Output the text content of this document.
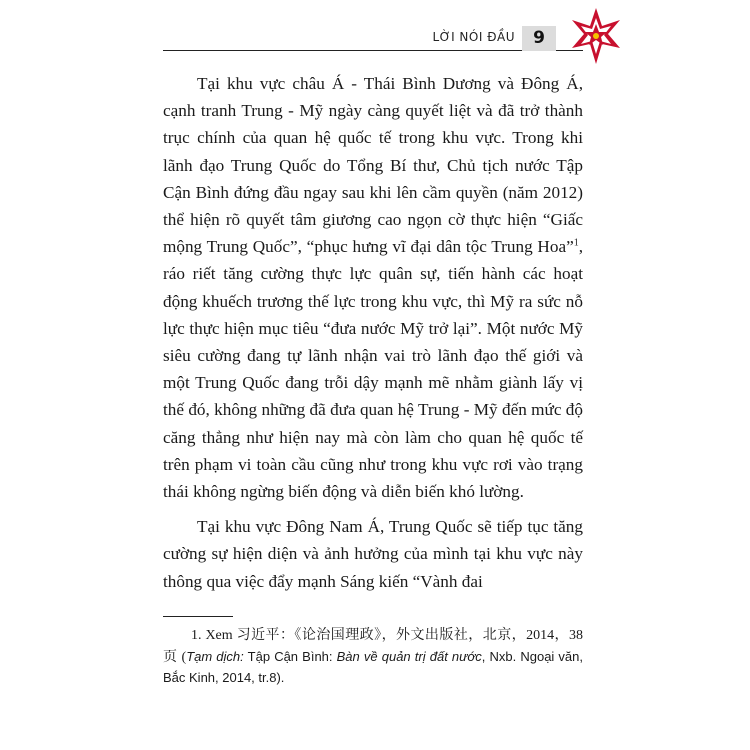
LỜI NÓI ĐẦU	9

Tại khu vực châu Á - Thái Bình Dương và Đông Á, cạnh tranh Trung - Mỹ ngày càng quyết liệt và đã trở thành trục chính của quan hệ quốc tế trong khu vực. Trong khi lãnh đạo Trung Quốc do Tổng Bí thư, Chủ tịch nước Tập Cận Bình đứng đầu ngay sau khi lên cầm quyền (năm 2012) thể hiện rõ quyết tâm giương cao ngọn cờ thực hiện “Giấc mộng Trung Quốc”, “phục hưng vĩ đại dân tộc Trung Hoa”$^1$, ráo riết tăng cường thực lực quân sự, tiến hành các hoạt động khuếch trương thế lực trong khu vực, thì Mỹ ra sức nỗ lực thực hiện mục tiêu “đưa nước Mỹ trở lại”. Một nước Mỹ siêu cường đang tự lãnh nhận vai trò lãnh đạo thế giới và một Trung Quốc đang trỗi dậy mạnh mẽ nhằm giành lấy vị thế đó, không những đã đưa quan hệ Trung - Mỹ đến mức độ căng thẳng như hiện nay mà còn làm cho quan hệ quốc tế trên phạm vi toàn cầu cũng như trong khu vực rơi vào trạng thái không ngừng biến động và diễn biến khó lường.

Tại khu vực Đông Nam Á, Trung Quốc sẽ tiếp tục tăng cường sự hiện diện và ảnh hưởng của mình tại khu vực này thông qua việc đẩy mạnh Sáng kiến “Vành đai

1. Xem 习近平：《论治国理政》，外文出版社，北京，2014，38 页 (Tạm dịch: Tập Cận Bình: Bàn về quản trị đất nước, Nxb. Ngoại văn, Bắc Kinh, 2014, tr.8).
